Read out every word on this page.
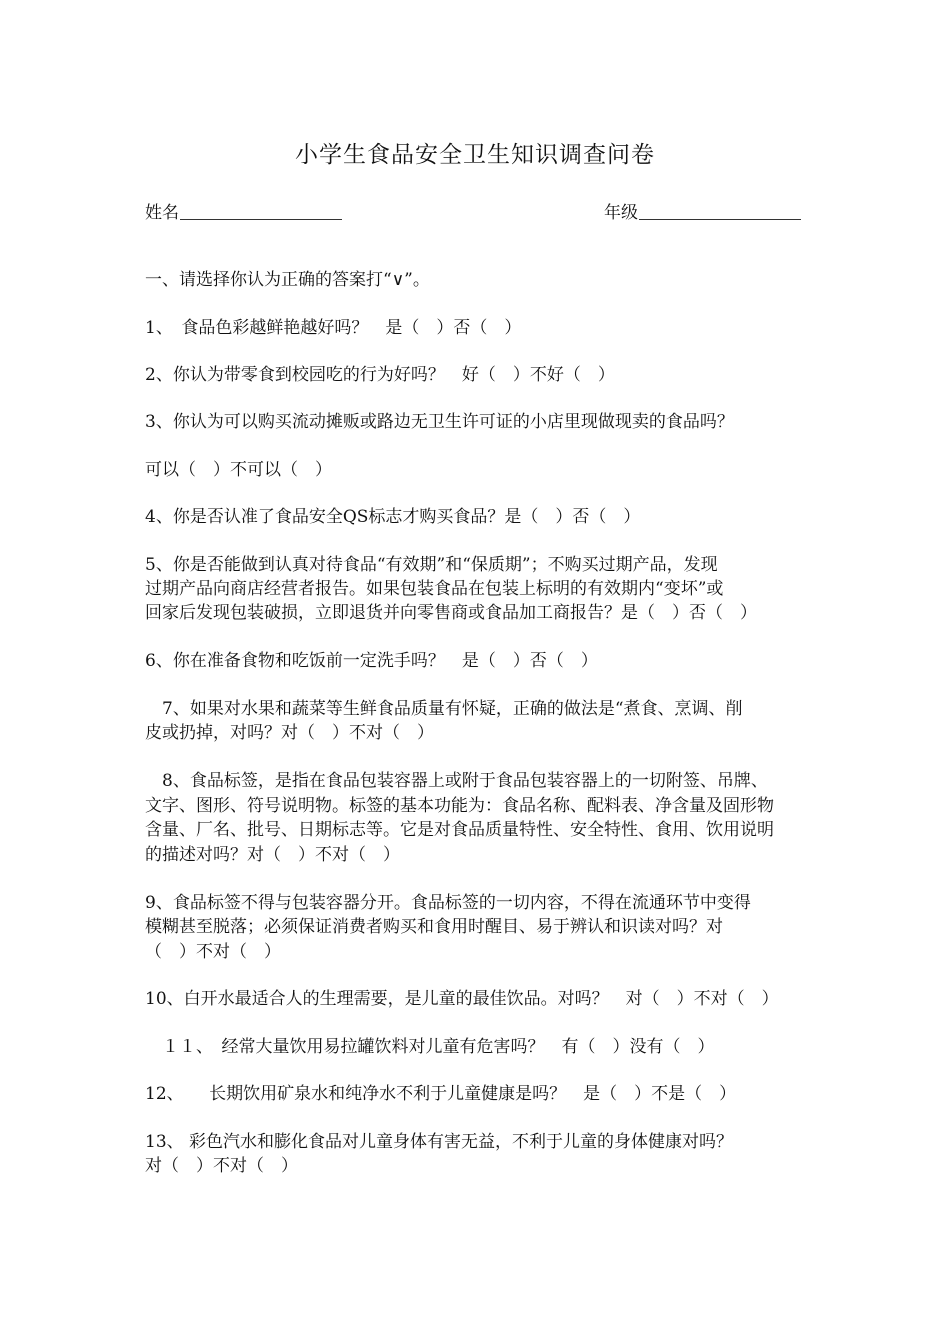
小学生食品安全卫生知识调查问卷
姓名	年级
一、请选择你认为正确的答案打“∨”。
1、　食品色彩越鲜艳越好吗？　是（　）否（　）
2、你认为带零食到校园吃的行为好吗？　好（　）不好（　）
3、你认为可以购买流动摊贩或路边无卫生许可证的小店里现做现卖的食品吗？
可以（　）不可以（　）
4、你是否认准了食品安全QS标志才购买食品？是（　）否（　）
5、你是否能做到认真对待食品“有效期”和“保质期”；不购买过期产品，发现
过期产品向商店经营者报告。如果包装食品在包装上标明的有效期内“变坏”或
回家后发现包装破损，立即退货并向零售商或食品加工商报告？是（　）否（　）
6、你在准备食物和吃饭前一定洗手吗？　是（　）否（　）
　7、如果对水果和蔬菜等生鲜食品质量有怀疑，正确的做法是“煮食、烹调、削
皮或扔掉，对吗？对（　）不对（　）
　8、食品标签，是指在食品包装容器上或附于食品包装容器上的一切附签、吊牌、
文字、图形、符号说明物。标签的基本功能为：食品名称、配料表、净含量及固形物
含量、厂名、批号、日期标志等。它是对食品质量特性、安全特性、食用、饮用说明
的描述对吗？对（　）不对（　）
9、食品标签不得与包装容器分开。食品标签的一切内容，不得在流通环节中变得
模糊甚至脱落；必须保证消费者购买和食用时醒目、易于辨认和识读对吗？对
（　）不对（　）
10、白开水最适合人的生理需要，是儿童的最佳饮品。对吗？　对（　）不对（　）
　１１、　经常大量饮用易拉罐饮料对儿童有危害吗？　有（　）没有（　）
12、　　长期饮用矿泉水和纯净水不利于儿童健康是吗？　是（　）不是（　）
13、 彩色汽水和膨化食品对儿童身体有害无益，不利于儿童的身体健康对吗？
对（　）不对（　）
